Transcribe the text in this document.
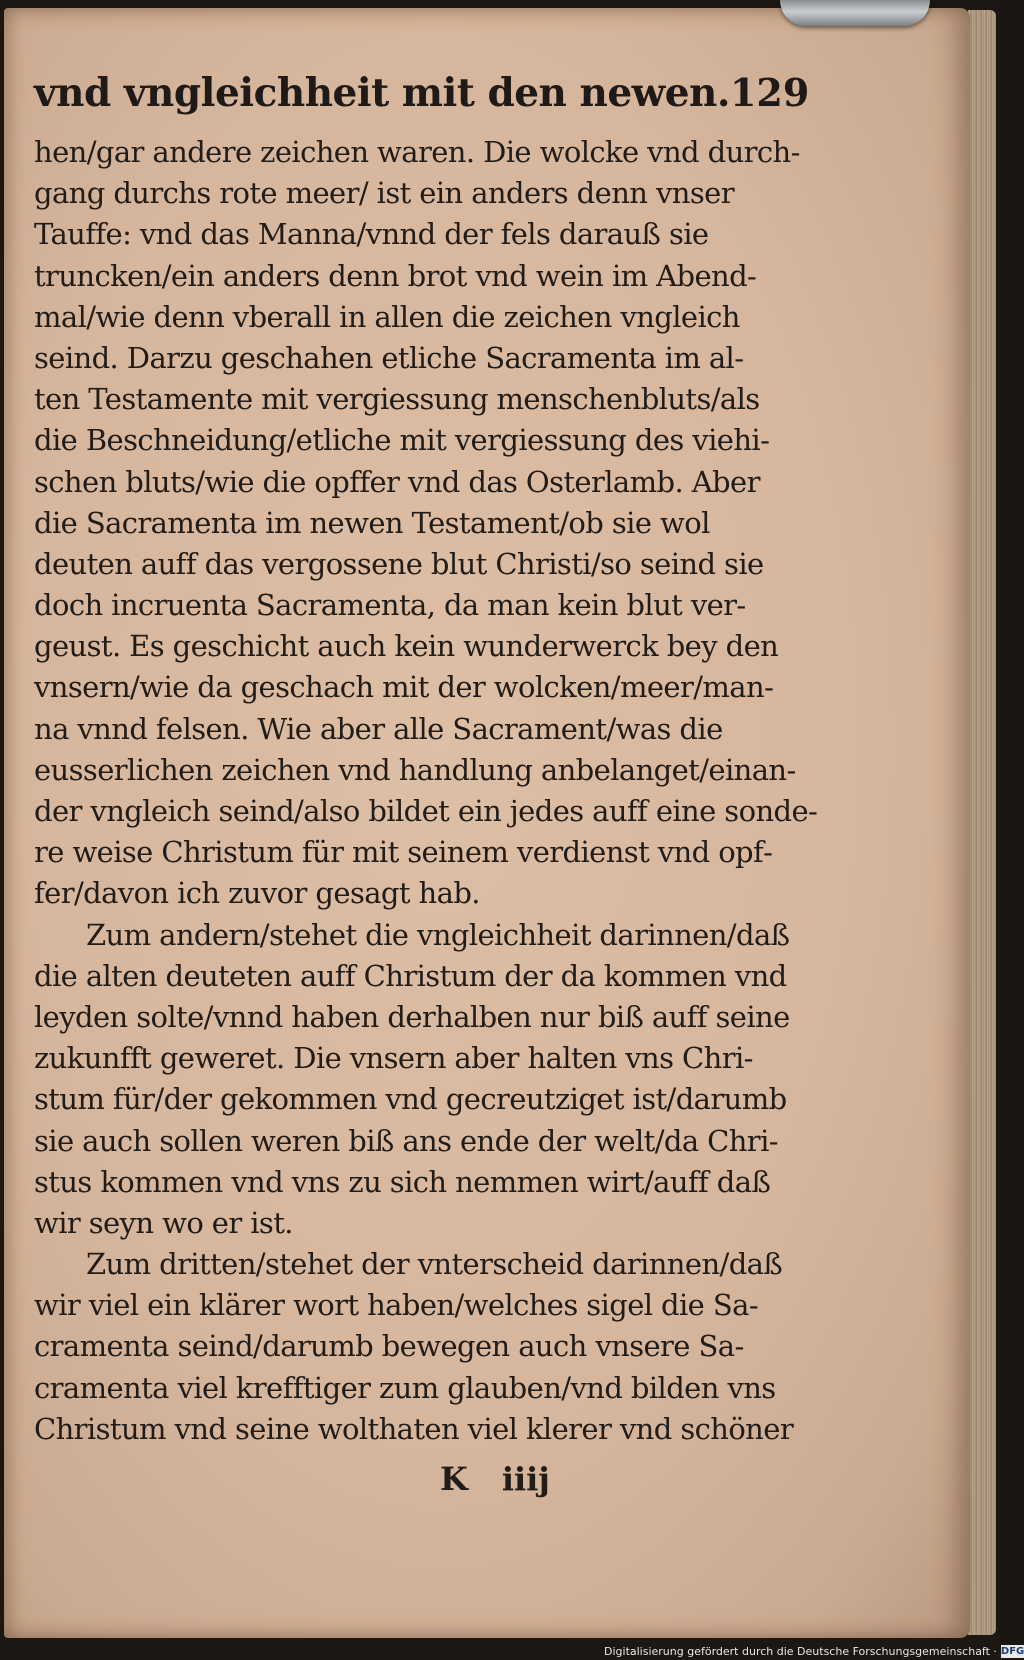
vnd vngleichheit mit den newen. 129
hen/gar andere zeichen waren. Die wolcke vnd durch‑
gang durchs rote meer/ ist ein anders denn vnser
Tauffe: vnd das Manna/vnnd der fels darauß sie
truncken/ein anders denn brot vnd wein im Abend‑
mal/wie denn vberall in allen die zeichen vngleich
seind. Darzu geschahen etliche Sacramenta im al‑
ten Testamente mit vergiessung menschenbluts/als
die Beschneidung/etliche mit vergiessung des viehi‑
schen bluts/wie die opffer vnd das Osterlamb. Aber
die Sacramenta im newen Testament/ob sie wol
deuten auff das vergossene blut Christi/so seind sie
doch incruenta Sacramenta, da man kein blut ver‑
geust. Es geschicht auch kein wunderwerck bey den
vnsern/wie da geschach mit der wolcken/meer/man‑
na vnnd felsen. Wie aber alle Sacrament/was die
eusserlichen zeichen vnd handlung anbelanget/einan‑
der vngleich seind/also bildet ein jedes auff eine sonde‑
re weise Christum für mit seinem verdienst vnd opf‑
fer/davon ich zuvor gesagt hab.
Zum andern/stehet die vngleichheit darinnen/daß
die alten deuteten auff Christum der da kommen vnd
leyden solte/vnnd haben derhalben nur biß auff seine
zukunfft geweret. Die vnsern aber halten vns Chri‑
stum für/der gekommen vnd gecreutziget ist/darumb
sie auch sollen weren biß ans ende der welt/da Chri‑
stus kommen vnd vns zu sich nemmen wirt/auff daß
wir seyn wo er ist.
Zum dritten/stehet der vnterscheid darinnen/daß
wir viel ein klärer wort haben/welches sigel die Sa‑
cramenta seind/darumb bewegen auch vnsere Sa‑
cramenta viel krefftiger zum glauben/vnd bilden vns
Christum vnd seine wolthaten viel klerer vnd schöner
K iiij
Digitalisierung gefördert durch die Deutsche Forschungsgemeinschaft · DFG
